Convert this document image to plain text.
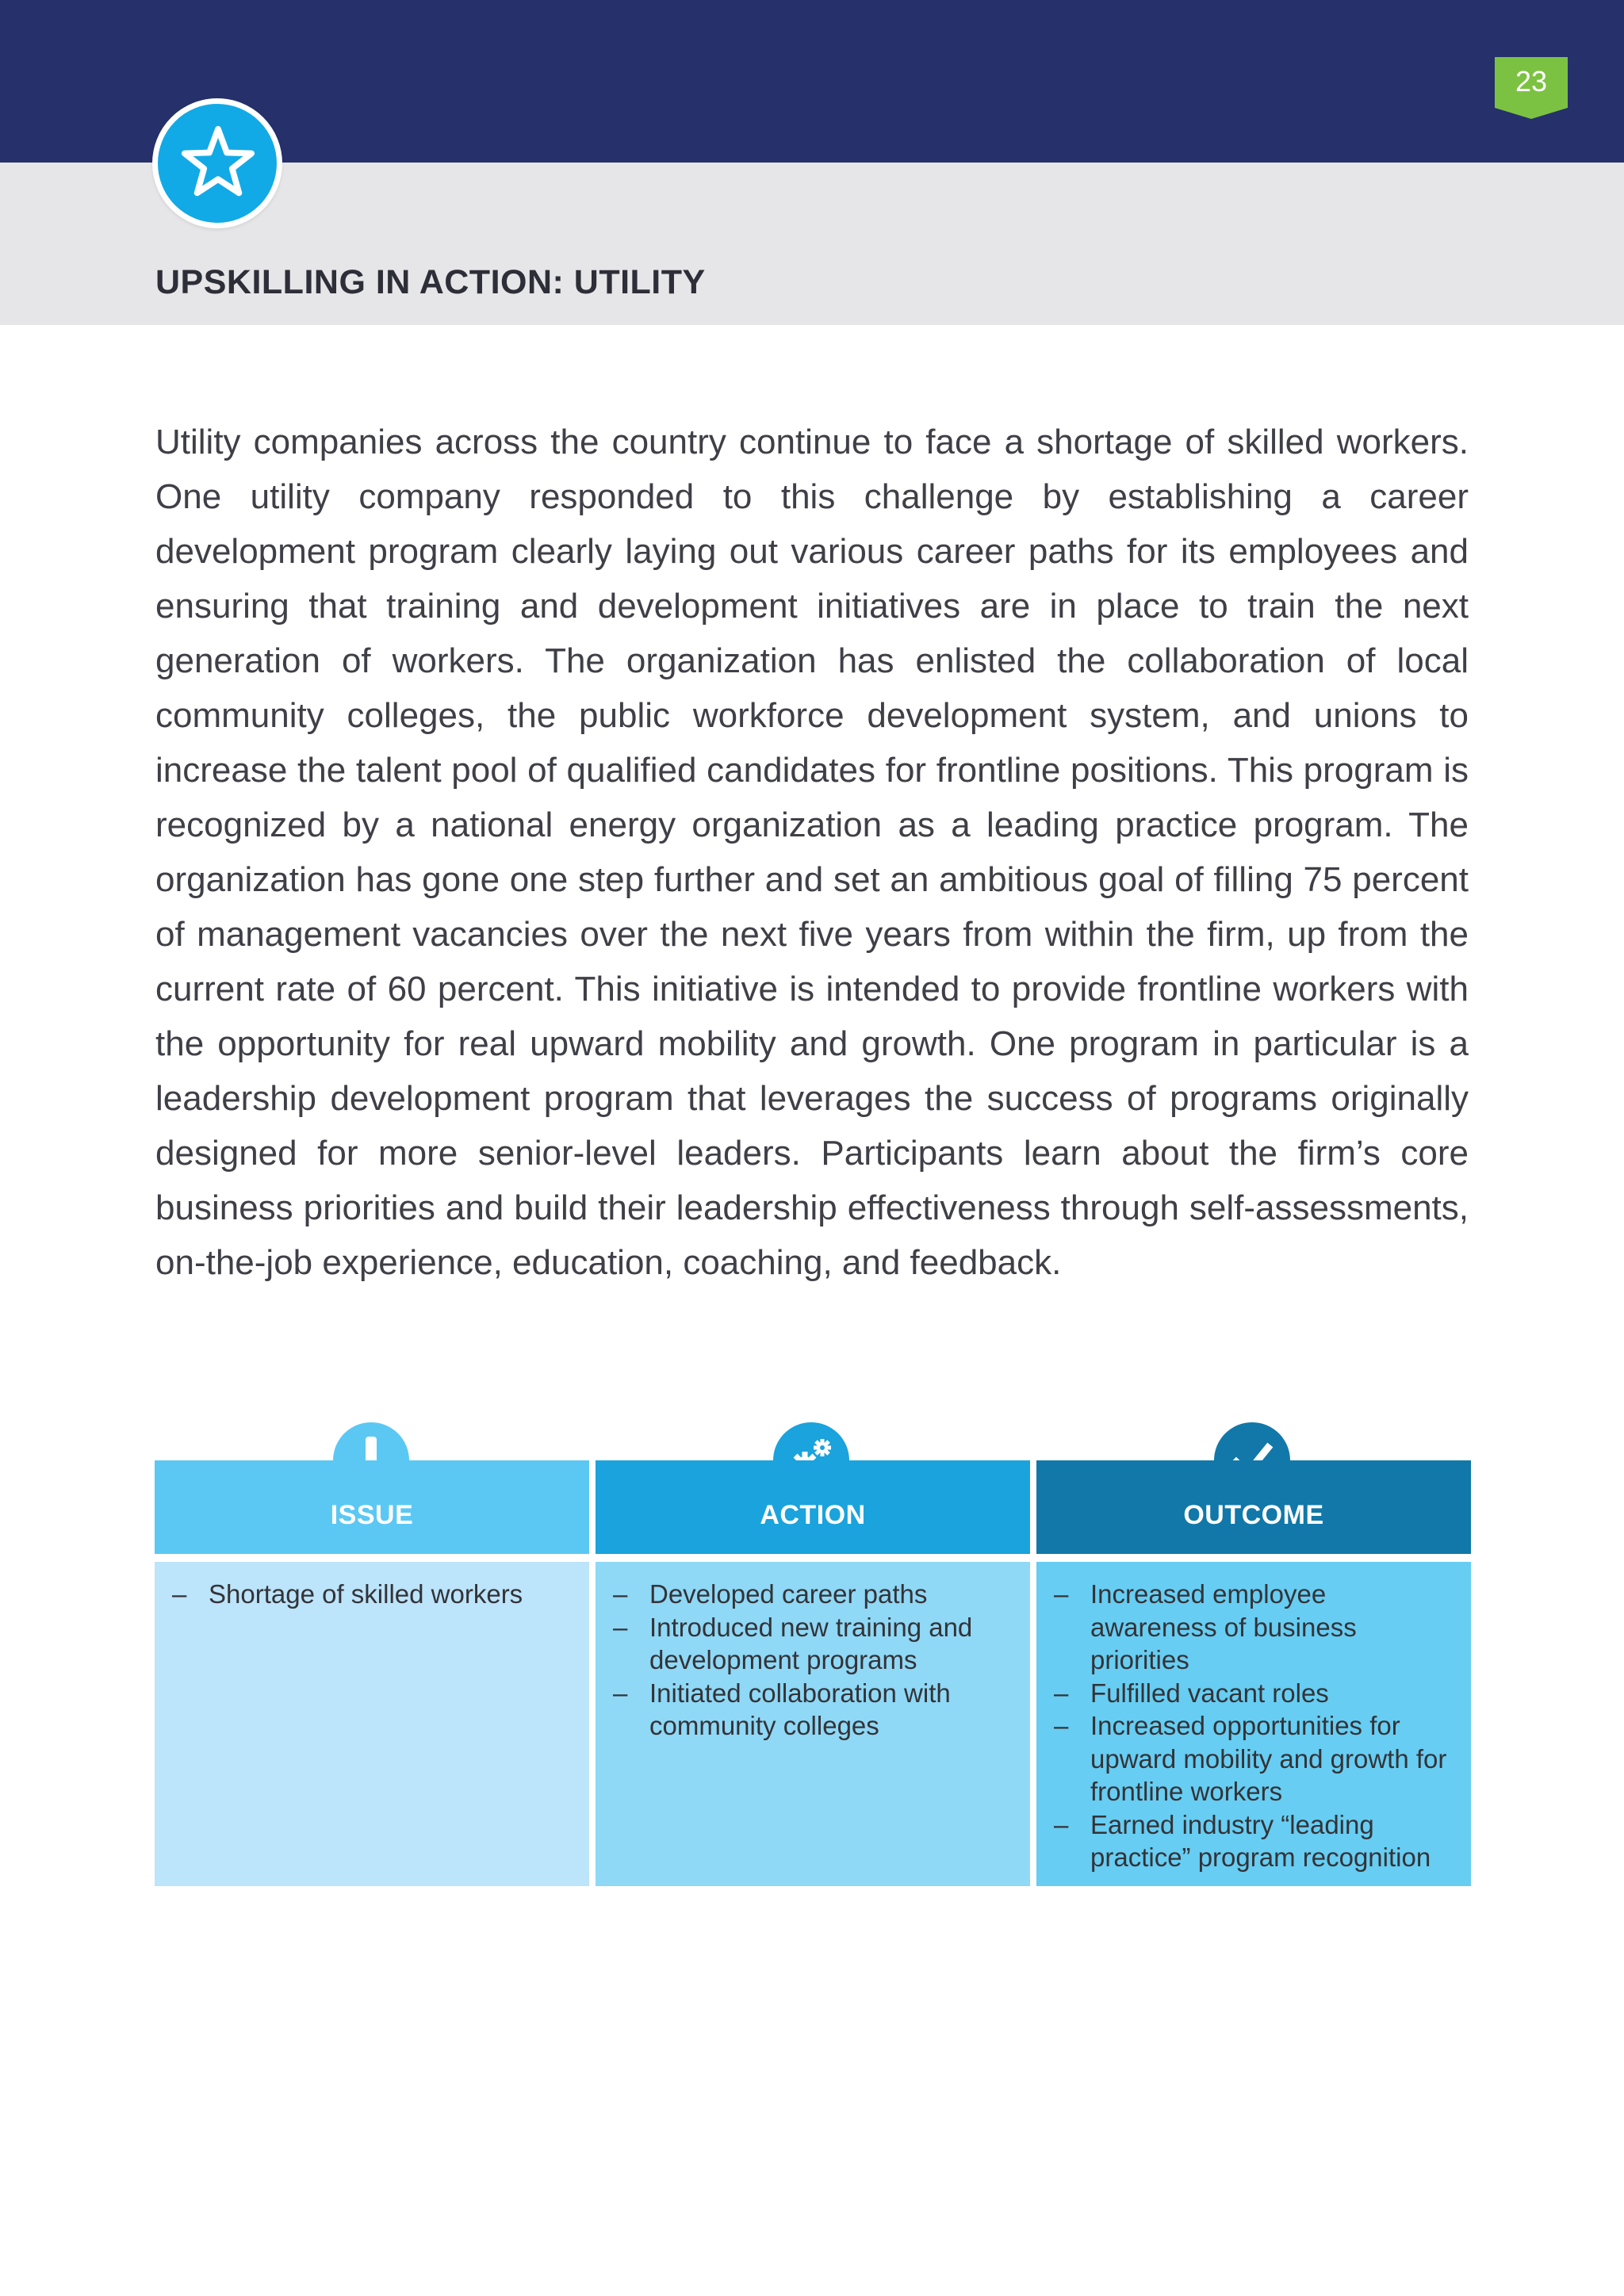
23
UPSKILLING IN ACTION: UTILITY

Utility companies across the country continue to face a shortage of skilled workers. One utility company responded to this challenge by establishing a career development program clearly laying out various career paths for its employees and ensuring that training and development initiatives are in place to train the next generation of workers. The organization has enlisted the collaboration of local community colleges, the public workforce development system, and unions to increase the talent pool of qualified candidates for frontline positions. This program is recognized by a national energy organization as a leading practice program. The organization has gone one step further and set an ambitious goal of filling 75 percent of management vacancies over the next five years from within the firm, up from the current rate of 60 percent. This initiative is intended to provide frontline workers with the opportunity for real upward mobility and growth. One program in particular is a leadership development program that leverages the success of programs originally designed for more senior-level leaders. Participants learn about the firm’s core business priorities and build their leadership effectiveness through self-assessments, on-the-job experience, education, coaching, and feedback.

ISSUE	ACTION	OUTCOME
– Shortage of skilled workers
–	Developed career paths
– Introduced new training and development programs
– Initiated collaboration with community colleges
– Increased employee awareness of business priorities
– Fulfilled vacant roles
– Increased opportunities for upward mobility and growth for frontline workers
– Earned industry “leading practice” program recognition
